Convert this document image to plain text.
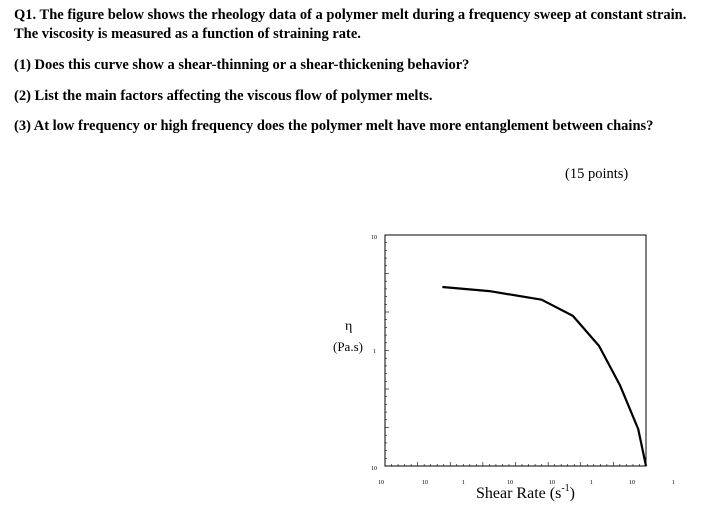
Q1. The figure below shows the rheology data of a polymer melt during a frequency sweep at constant strain. The viscosity is measured as a function of straining rate.
(1) Does this curve show a shear-thinning or a shear-thickening behavior?
(2) List the main factors affecting the viscous flow of polymer melts.
(3) At low frequency or high frequency does the polymer melt have more entanglement between chains?
(15 points)
η
(Pa.s)
10
1
10
10	10	1	10	10	1	10	1
Shear Rate $(s^{-1})$
